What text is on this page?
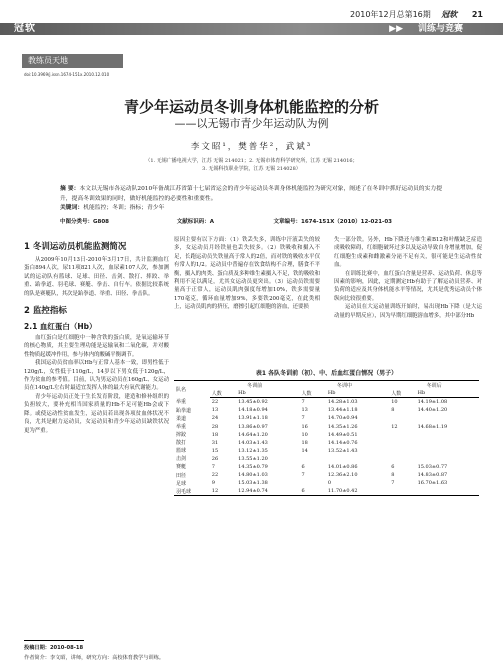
2010年12月总第16期 冠软 21
冠软	▶▶ 训练与竞赛
教练员天地
doi:10.3969/j.issn.1674-151x.2010.12.010
青少年运动员冬训身体机能监控的分析
——以无锡市青少年运动队为例
李文昭¹，樊普华²，武斌³
（1. 无锡广播电视大学，江苏 无锡 214021；2. 无锡市体育科学研究所，江苏 无锡 214016；
3. 无锡科技职业学院，江苏 无锡 214028）
摘 要：本文以无锡市各运动队2010年备战江苏省第十七届省运会的青少年运动员冬训身体机能监控为研究对象，阐述了在冬训中抓好运动员的实力提升，提高冬训效果的同时，做好机能监控的必要性和重要性。
关键词：机能监控；冬训；指标；青少年
中图分类号：G808	文献标识码：A	文章编号：1674-151X（2010）12-021-03
1 冬训运动员机能监测简况

从2009年10月13日-2010年3月17日，共计监测血红蛋白894人次，尿11项821人次，血尿素107人次，参加测试的运动队有篮球、足球、田径、击剑、散打、摔跤、举重、跆拳道、羽毛球、赛艇、拳击、自行车。依据比较系统的队是赛艇队，其次是跆拳道、举重、田径、拳击队。

2 监控指标
2.1 血红蛋白（Hb）

血红蛋白是红细胞中一种含铁的蛋白质，是氧运输环节的核心物质，其主要生理功能是运输氧和二氧化碳，并对酸性物质起缓冲作用，参与体内的酸碱平衡调节。

我国运动员贫血率以Hb与正常人基本一致，即男性低于120g/L，女性低于110g/L，14岁以下男女低于120g/L，作为贫血的参考值。目前，认为男运动员在160g/L、女运动员在140g/L左右时最适宜发挥人体的最大有氧代谢能力。

青少年运动员正处于生长发育阶段，建造和修补组织的负担较大，要补充相当国家质量的Hb不足可能Hb会或下降。或使运动性贫血发生，运动员若出现各项贫血体状况不良，尤其是耐力运动员，女运动员和青少年运动员缺铁状况更为严重。

原因主要有以下方面：（1）铁丢失多，训练中汗液丢失的较多，女运动员月经铁量也丢失较多。（2）铁吸收和摄入不足，长跑运动员失铁量高于常人的2倍，而对铁的吸收水平仅有常人的1/2。运动员中普遍存在饮食结构不合理，膳食不平衡，摄入的肉类、蛋白质及多种维生素摄入不足，铁的吸收和利用不足以满足，尤其女运动员更突出。（3）运动员铁需要量高于正常人，运动员肌肉强度每增加10%，铁多需要量170毫克，循环血量增加9%，多要铁200毫克，在此类相上，运动员肌肉的挤压，磨擦引起红细胞的溶血，还要损

失一部分铁。另外，Hb下降还与维生素B12和叶酸缺乏症造成吸收障碍，红细胞破坏过多以及运动导致自身增量增加，促红细胞生成素和雌激素分泌不足有关，很可能是生运动性贫血。

在训练比赛中，血红蛋白含量是营养、运动负荷、休息等因素的影响，因此，定期测定Hb有助于了解运动员营养、对负荷的适应及其身体机能水平等情况，尤其是优秀运动员个体纵向比较很重要。

运动员在大运动量训练开始时，易出现Hb下降（是大运动量的早期反应），因为早期红细胞溶血增多，其中部分Hb

表1 各队冬训前（初）、中、后血红蛋白情况（男子）
队名	冬训前		冬训中		冬训后	
	人数	Hb	人数	Hb	人数	Hb
举重	22	13.45±0.92	7	14.28±1.03	10	14.19±1.08
跆拳道	13	14.18±0.94	13	13.44±1.18	8	14.40±1.20
柔道	24	13.91±1.18	7	14.70±0.94		
举重	28	13.86±0.97	16	14.35±1.26	12	14.68±1.19
摔跤	18	14.64±1.20	10	14.49±0.51		
散打	31	14.03±1.43	18	14.14±0.76		
篮球	15	13.12±1.35	14	13.52±1.43		
击剑	26	13.55±1.20				
赛艇	7	14.35±0.79	6	14.01±0.86	6	15.03±0.77
田径	22	14.80±1.03	7	12.36±2.10	8	14.83±0.87
足球	9	15.03±1.38		0	7	16.70±1.63
羽毛球	12	12.94±0.74	6	11.70±0.42		
投稿日期：2010-08-18
作者简介：李文昭，讲师，研究方向：高校体育教学与训练。
